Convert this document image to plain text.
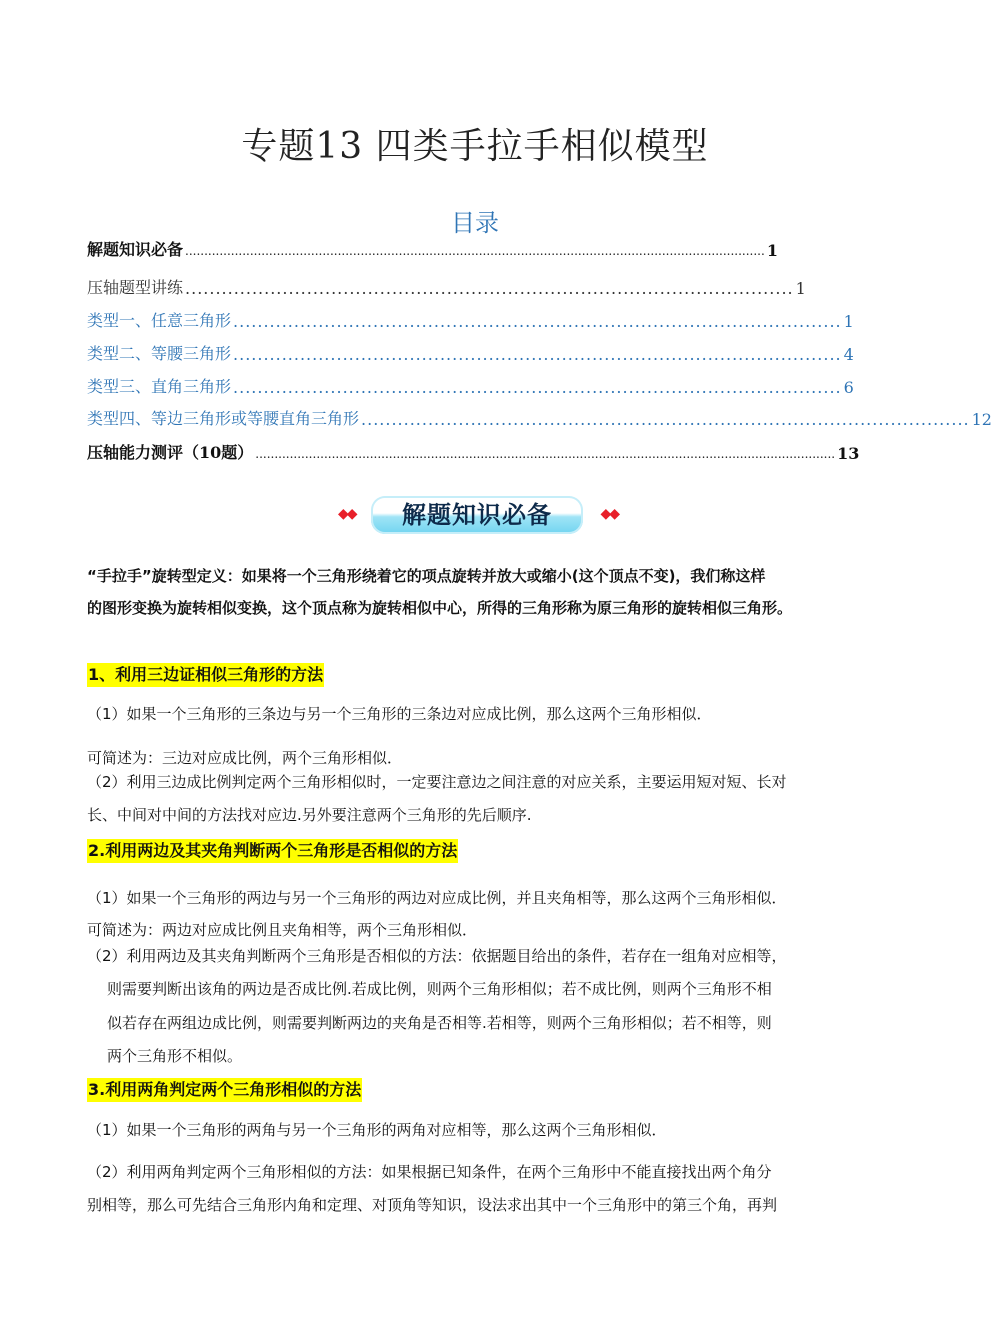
专题13 四类手拉手相似模型
目录
解题知识必备 ........................................................................................................................................................ 1
压轴题型讲练 .................................................................................................... 1
类型一、任意三角形 .................................................................................................... 1
类型二、等腰三角形 .................................................................................................... 4
类型三、直角三角形 .................................................................................................... 6
类型四、等边三角形或等腰直角三角形 .................................................................................................... 12
压轴能力测评（10题） ........................................................................................................................................................ 13
◆◆	解题知识必备	◆◆
“手拉手”旋转型定义：如果将一个三角形绕着它的项点旋转并放大或缩小(这个顶点不变)，我们称这样 的图形变换为旋转相似变换，这个顶点称为旋转相似中心，所得的三角形称为原三角形的旋转相似三角形。
1、利用三边证相似三角形的方法
（1）如果一个三角形的三条边与另一个三角形的三条边对应成比例，那么这两个三角形相似．
可简述为：三边对应成比例，两个三角形相似．
（2）利用三边成比例判定两个三角形相似时，一定要注意边之间注意的对应关系，主要运用短对短、长对
长、中间对中间的方法找对应边.另外要注意两个三角形的先后顺序.
2.利用两边及其夹角判断两个三角形是否相似的方法
（1）如果一个三角形的两边与另一个三角形的两边对应成比例，并且夹角相等，那么这两个三角形相似．
可简述为：两边对应成比例且夹角相等，两个三角形相似．
（2）利用两边及其夹角判断两个三角形是否相似的方法：依据题目给出的条件，若存在一组角对应相等，
则需要判断出该角的两边是否成比例.若成比例，则两个三角形相似；若不成比例，则两个三角形不相
似若存在两组边成比例，则需要判断两边的夹角是否相等.若相等，则两个三角形相似；若不相等，则
两个三角形不相似。
3.利用两角判定两个三角形相似的方法
（1）如果一个三角形的两角与另一个三角形的两角对应相等，那么这两个三角形相似．
（2）利用两角判定两个三角形相似的方法：如果根据已知条件，在两个三角形中不能直接找出两个角分
别相等，那么可先结合三角形内角和定理、对顶角等知识，设法求出其中一个三角形中的第三个角，再判
